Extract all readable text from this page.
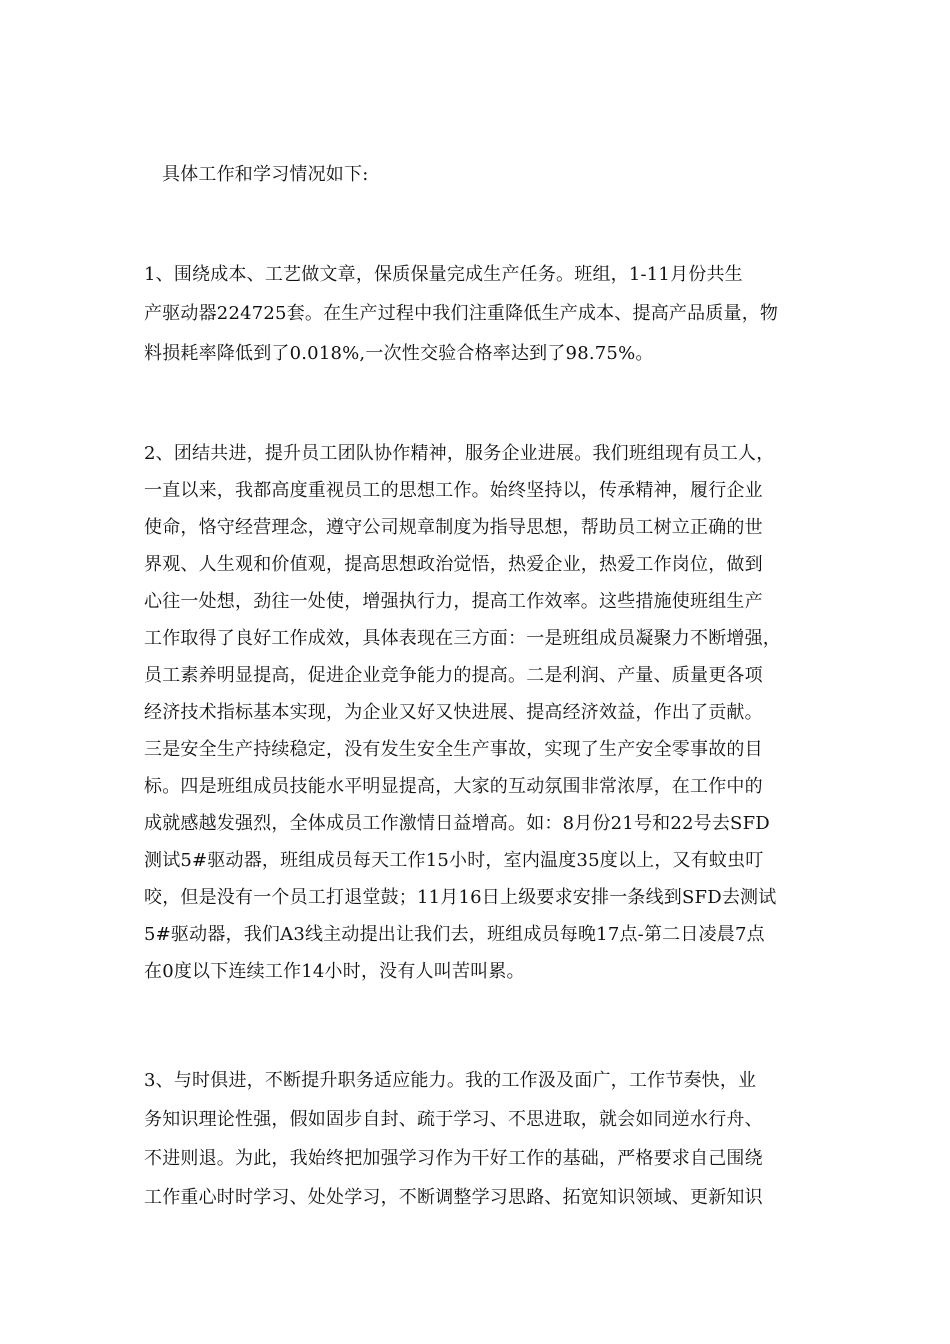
具体工作和学习情况如下:
1、围绕成本、工艺做文章，保质保量完成生产任务。班组，1-11月份共生
产驱动器224725套。在生产过程中我们注重降低生产成本、提高产品质量，物
料损耗率降低到了0.018%,一次性交验合格率达到了98.75%。
2、团结共进，提升员工团队协作精神，服务企业进展。我们班组现有员工人，
一直以来，我都高度重视员工的思想工作。始终坚持以，传承精神，履行企业
使命，恪守经营理念，遵守公司规章制度为指导思想，帮助员工树立正确的世
界观、人生观和价值观，提高思想政治觉悟，热爱企业，热爱工作岗位，做到
心往一处想，劲往一处使，增强执行力，提高工作效率。这些措施使班组生产
工作取得了良好工作成效，具体表现在三方面：一是班组成员凝聚力不断增强，
员工素养明显提高，促进企业竞争能力的提高。二是利润、产量、质量更各项
经济技术指标基本实现，为企业又好又快进展、提高经济效益，作出了贡献。
三是安全生产持续稳定，没有发生安全生产事故，实现了生产安全零事故的目
标。四是班组成员技能水平明显提高，大家的互动氛围非常浓厚，在工作中的
成就感越发强烈，全体成员工作激情日益增高。如：8月份21号和22号去SFD
测试5#驱动器，班组成员每天工作15小时，室内温度35度以上，又有蚊虫叮
咬，但是没有一个员工打退堂鼓；11月16日上级要求安排一条线到SFD去测试
5#驱动器，我们A3线主动提出让我们去，班组成员每晚17点-第二日凌晨7点
在0度以下连续工作14小时，没有人叫苦叫累。
3、与时俱进，不断提升职务适应能力。我的工作汲及面广，工作节奏快，业
务知识理论性强，假如固步自封、疏于学习、不思进取，就会如同逆水行舟、
不进则退。为此，我始终把加强学习作为干好工作的基础，严格要求自己围绕
工作重心时时学习、处处学习，不断调整学习思路、拓宽知识领域、更新知识
